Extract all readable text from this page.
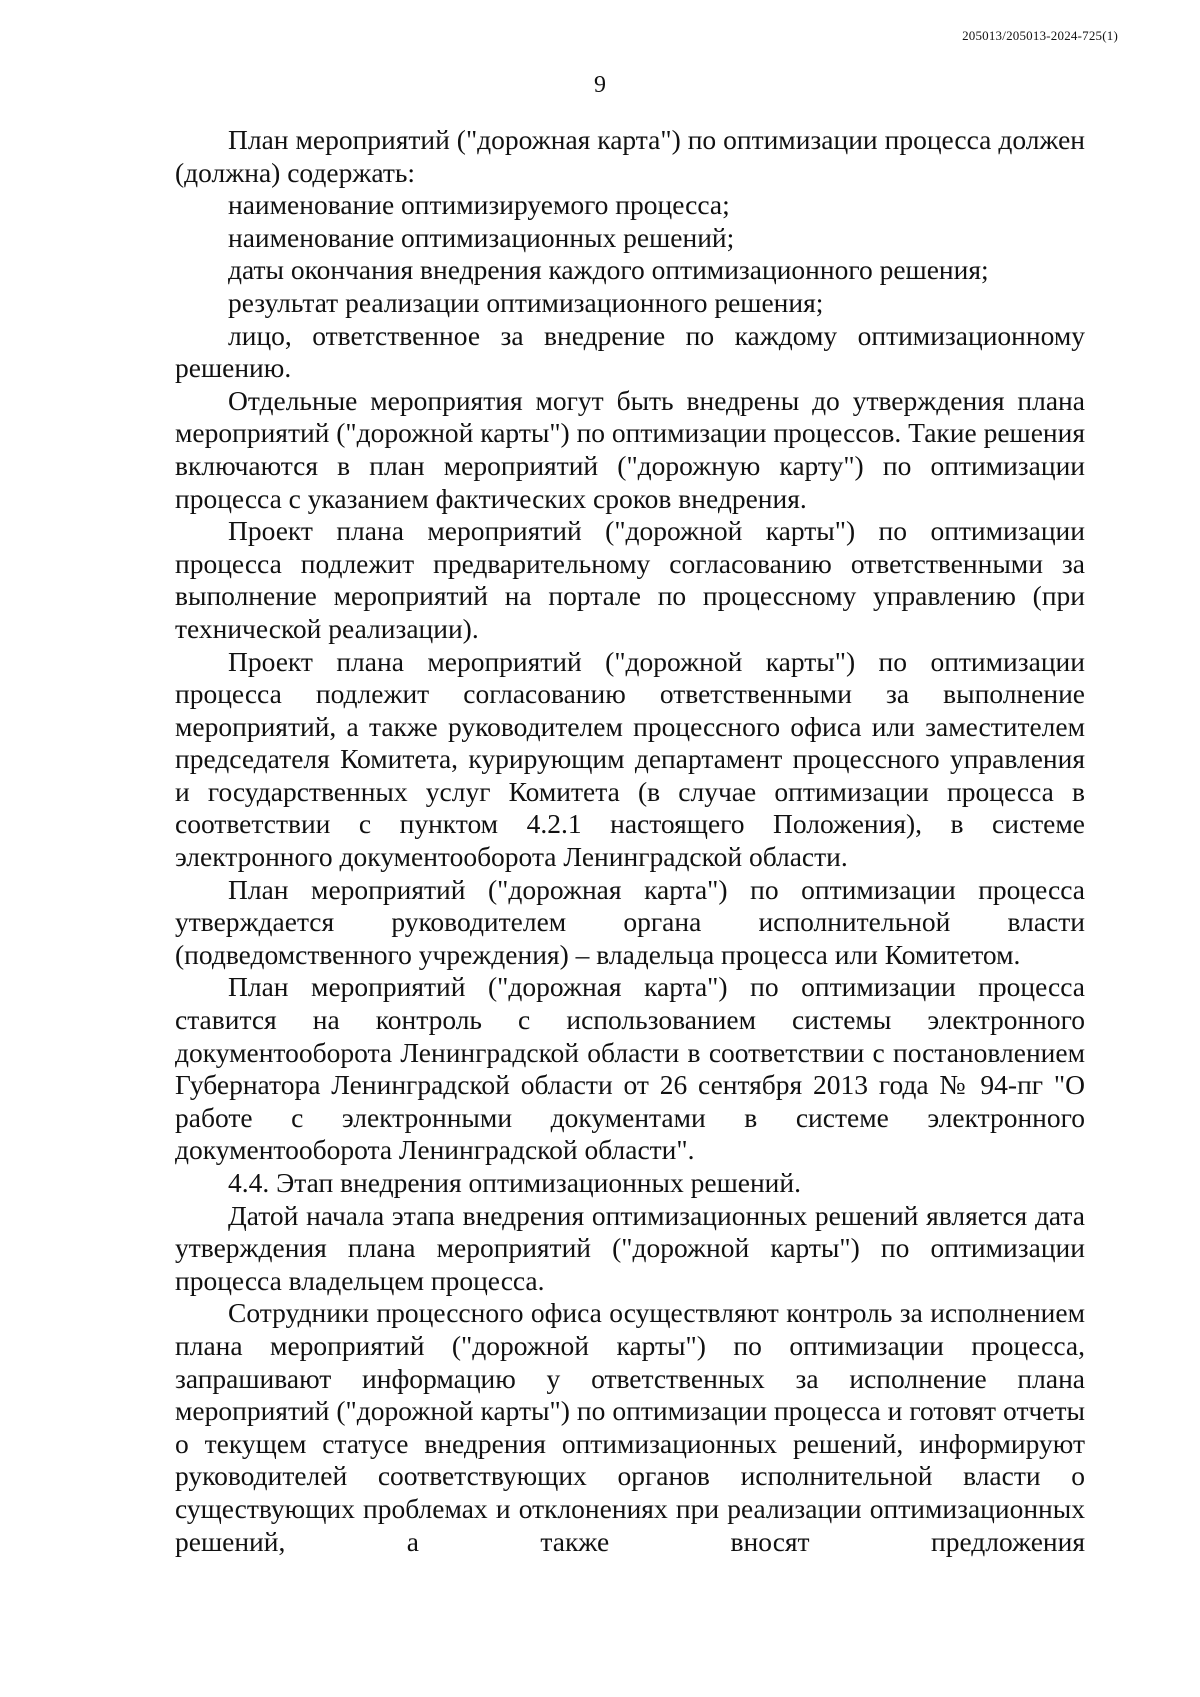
205013/205013-2024-725(1)
9

План мероприятий ("дорожная карта") по оптимизации процесса должен (должна) содержать:

наименование оптимизируемого процесса;

наименование оптимизационных решений;

даты окончания внедрения каждого оптимизационного решения;

результат реализации оптимизационного решения;

лицо, ответственное за внедрение по каждому оптимизационному решению.

Отдельные мероприятия могут быть внедрены до утверждения плана мероприятий ("дорожной карты") по оптимизации процессов. Такие решения включаются в план мероприятий ("дорожную карту") по оптимизации процесса с указанием фактических сроков внедрения.

Проект плана мероприятий ("дорожной карты") по оптимизации процесса подлежит предварительному согласованию ответственными за выполнение мероприятий на портале по процессному управлению (при технической реализации).

Проект плана мероприятий ("дорожной карты") по оптимизации процесса подлежит согласованию ответственными за выполнение мероприятий, а также руководителем процессного офиса или заместителем председателя Комитета, курирующим департамент процессного управления и государственных услуг Комитета (в случае оптимизации процесса в соответствии с пунктом 4.2.1 настоящего Положения), в системе электронного документооборота Ленинградской области.

План мероприятий ("дорожная карта") по оптимизации процесса утверждается руководителем органа исполнительной власти (подведомственного учреждения) – владельца процесса или Комитетом.

План мероприятий ("дорожная карта") по оптимизации процесса ставится на контроль с использованием системы электронного документооборота Ленинградской области в соответствии с постановлением Губернатора Ленинградской области от 26 сентября 2013 года № 94-пг "О работе с электронными документами в системе электронного документооборота Ленинградской области".

4.4. Этап внедрения оптимизационных решений.

Датой начала этапа внедрения оптимизационных решений является дата утверждения плана мероприятий ("дорожной карты") по оптимизации процесса владельцем процесса.

Сотрудники процессного офиса осуществляют контроль за исполнением плана мероприятий ("дорожной карты") по оптимизации процесса, запрашивают информацию у ответственных за исполнение плана мероприятий ("дорожной карты") по оптимизации процесса и готовят отчеты о текущем статусе внедрения оптимизационных решений, информируют руководителей соответствующих органов исполнительной власти о существующих проблемах и отклонениях при реализации оптимизационных решений, а также вносят предложения
